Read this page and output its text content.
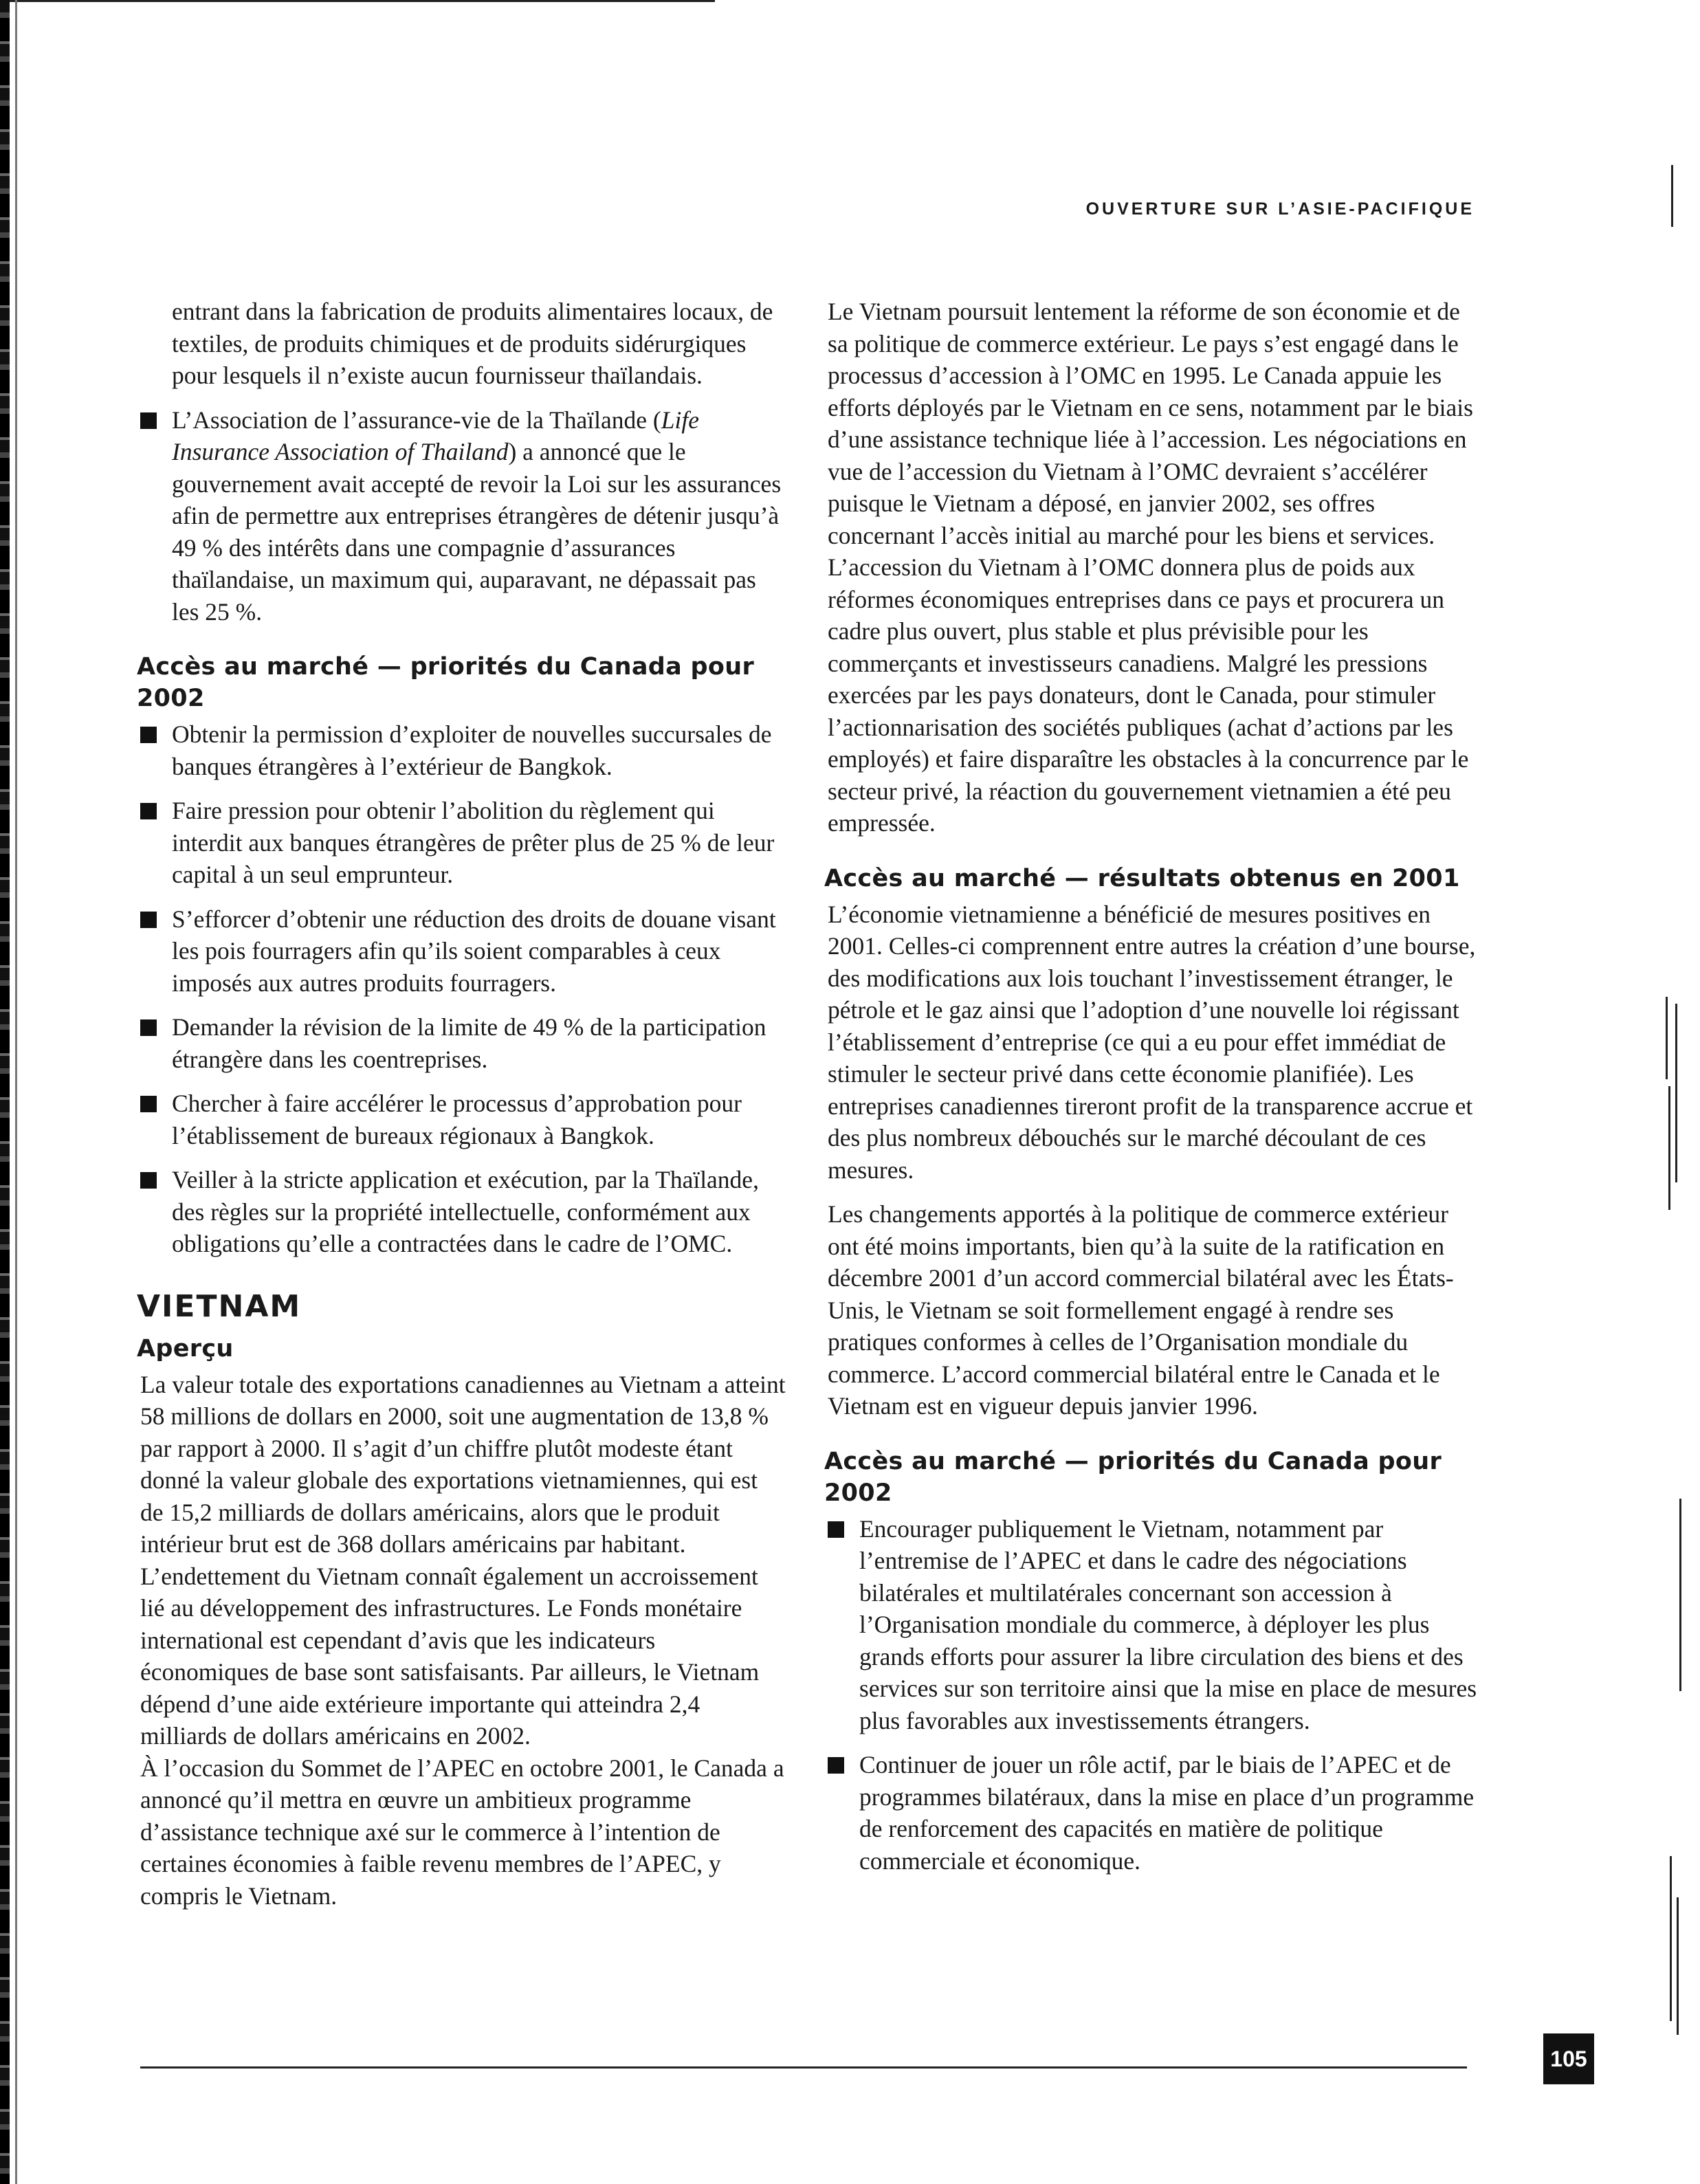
OUVERTURE SUR L’ASIE-PACIFIQUE

entrant dans la fabrication de produits alimentaires locaux, de textiles, de produits chimiques et de produits sidérurgiques pour lesquels il n’existe aucun fournisseur thaïlandais.

L’Association de l’assurance-vie de la Thaïlande (Life Insurance Association of Thailand) a annoncé que le gouvernement avait accepté de revoir la Loi sur les assurances afin de permettre aux entreprises étrangères de détenir jusqu’à 49 % des intérêts dans une compagnie d’assurances thaïlandaise, un maximum qui, auparavant, ne dépassait pas les 25 %.
Accès au marché — priorités du Canada pour 2002
Obtenir la permission d’exploiter de nouvelles succursales de banques étrangères à l’extérieur de Bangkok.
Faire pression pour obtenir l’abolition du règlement qui interdit aux banques étrangères de prêter plus de 25 % de leur capital à un seul emprunteur.
S’efforcer d’obtenir une réduction des droits de douane visant les pois fourragers afin qu’ils soient comparables à ceux imposés aux autres produits fourragers.
Demander la révision de la limite de 49 % de la participation étrangère dans les coentreprises.
Chercher à faire accélérer le processus d’approbation pour l’établissement de bureaux régionaux à Bangkok.
Veiller à la stricte application et exécution, par la Thaïlande, des règles sur la propriété intellectuelle, conformément aux obligations qu’elle a contractées dans le cadre de l’OMC.
VIETNAM
Aperçu

La valeur totale des exportations canadiennes au Vietnam a atteint 58 millions de dollars en 2000, soit une augmentation de 13,8 % par rapport à 2000. Il s’agit d’un chiffre plutôt modeste étant donné la valeur globale des exportations vietnamiennes, qui est de 15,2 milliards de dollars américains, alors que le produit intérieur brut est de 368 dollars américains par habitant. L’endettement du Vietnam connaît également un accroissement lié au développement des infrastructures. Le Fonds monétaire international est cependant d’avis que les indicateurs économiques de base sont satisfaisants. Par ailleurs, le Vietnam dépend d’une aide extérieure importante qui atteindra 2,4 milliards de dollars américains en 2002.

À l’occasion du Sommet de l’APEC en octobre 2001, le Canada a annoncé qu’il mettra en œuvre un ambitieux programme d’assistance technique axé sur le commerce à l’intention de certaines économies à faible revenu membres de l’APEC, y compris le Vietnam.

Le Vietnam poursuit lentement la réforme de son économie et de sa politique de commerce extérieur. Le pays s’est engagé dans le processus d’accession à l’OMC en 1995. Le Canada appuie les efforts déployés par le Vietnam en ce sens, notamment par le biais d’une assistance technique liée à l’accession. Les négociations en vue de l’accession du Vietnam à l’OMC devraient s’accélérer puisque le Vietnam a déposé, en janvier 2002, ses offres concernant l’accès initial au marché pour les biens et services. L’accession du Vietnam à l’OMC donnera plus de poids aux réformes économiques entreprises dans ce pays et procurera un cadre plus ouvert, plus stable et plus prévisible pour les commerçants et investisseurs canadiens. Malgré les pressions exercées par les pays donateurs, dont le Canada, pour stimuler l’actionnarisation des sociétés publiques (achat d’actions par les employés) et faire disparaître les obstacles à la concurrence par le secteur privé, la réaction du gouvernement vietnamien a été peu empressée.

Accès au marché — résultats obtenus en 2001

L’économie vietnamienne a bénéficié de mesures positives en 2001. Celles-ci comprennent entre autres la création d’une bourse, des modifications aux lois touchant l’investissement étranger, le pétrole et le gaz ainsi que l’adoption d’une nouvelle loi régissant l’établissement d’entreprise (ce qui a eu pour effet immédiat de stimuler le secteur privé dans cette économie planifiée). Les entreprises canadiennes tireront profit de la transparence accrue et des plus nombreux débouchés sur le marché découlant de ces mesures.

Les changements apportés à la politique de commerce extérieur ont été moins importants, bien qu’à la suite de la ratification en décembre 2001 d’un accord commercial bilatéral avec les États-Unis, le Vietnam se soit formellement engagé à rendre ses pratiques conformes à celles de l’Organisation mondiale du commerce. L’accord commercial bilatéral entre le Canada et le Vietnam est en vigueur depuis janvier 1996.

Accès au marché — priorités du Canada pour 2002
Encourager publiquement le Vietnam, notamment par l’entremise de l’APEC et dans le cadre des négociations bilatérales et multilatérales concernant son accession à l’Organisation mondiale du commerce, à déployer les plus grands efforts pour assurer la libre circulation des biens et des services sur son territoire ainsi que la mise en place de mesures plus favorables aux investissements étrangers.
Continuer de jouer un rôle actif, par le biais de l’APEC et de programmes bilatéraux, dans la mise en place d’un programme de renforcement des capacités en matière de politique commerciale et économique.
105
